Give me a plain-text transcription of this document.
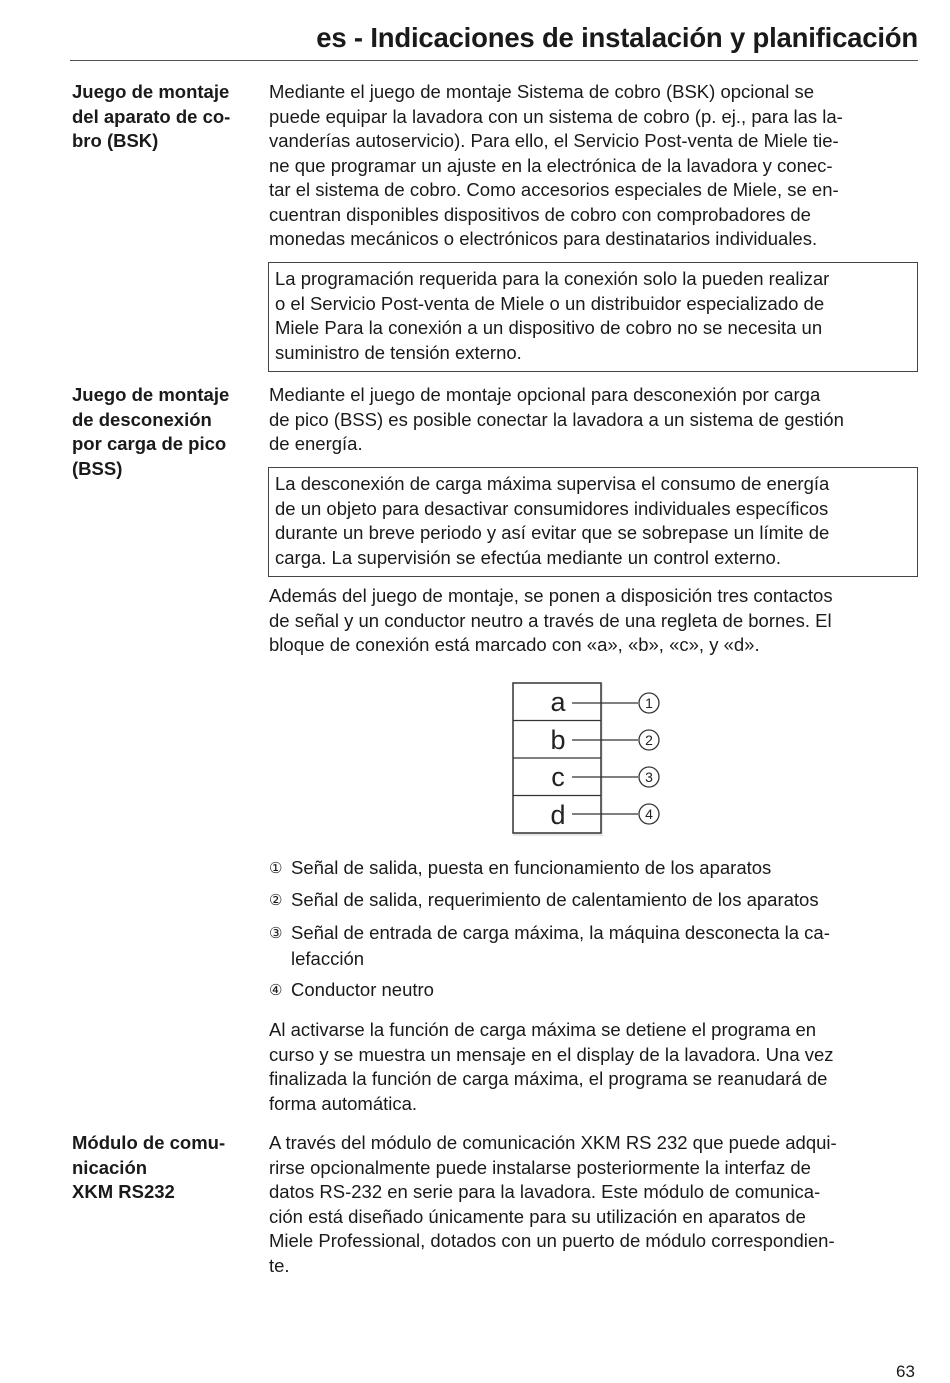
es - Indicaciones de instalación y planificación
Juego de montaje
del aparato de co-
bro (BSK)
Mediante el juego de montaje Sistema de cobro (BSK) opcional se
puede equipar la lavadora con un sistema de cobro (p. ej., para las la-
vanderías autoservicio). Para ello, el Servicio Post-venta de Miele tie-
ne que programar un ajuste en la electrónica de la lavadora y conec-
tar el sistema de cobro. Como accesorios especiales de Miele, se en-
cuentran disponibles dispositivos de cobro con comprobadores de
monedas mecánicos o electrónicos para destinatarios individuales.
La programación requerida para la conexión solo la pueden realizar
o el Servicio Post-venta de Miele o un distribuidor especializado de
Miele Para la conexión a un dispositivo de cobro no se necesita un
suministro de tensión externo.
Juego de montaje
de desconexión
por carga de pico
(BSS)
Mediante el juego de montaje opcional para desconexión por carga
de pico (BSS) es posible conectar la lavadora a un sistema de gestión
de energía.
La desconexión de carga máxima supervisa el consumo de energía
de un objeto para desactivar consumidores individuales específicos
durante un breve periodo y así evitar que se sobrepase un límite de
carga. La supervisión se efectúa mediante un control externo.
Además del juego de montaje, se ponen a disposición tres contactos
de señal y un conductor neutro a través de una regleta de bornes. El
bloque de conexión está marcado con «a», «b», «c», y «d».
a
b
c
d
1
2
3
4
① Señal de salida, puesta en funcionamiento de los aparatos
② Señal de salida, requerimiento de calentamiento de los aparatos
③ Señal de entrada de carga máxima, la máquina desconecta la ca-
lefacción
④ Conductor neutro
Al activarse la función de carga máxima se detiene el programa en
curso y se muestra un mensaje en el display de la lavadora. Una vez
finalizada la función de carga máxima, el programa se reanudará de
forma automática.
Módulo de comu-
nicación
XKM RS232
A través del módulo de comunicación XKM RS 232 que puede adqui-
rirse opcionalmente puede instalarse posteriormente la interfaz de
datos RS-232 en serie para la lavadora. Este módulo de comunica-
ción está diseñado únicamente para su utilización en aparatos de
Miele Professional, dotados con un puerto de módulo correspondien-
te.
63
